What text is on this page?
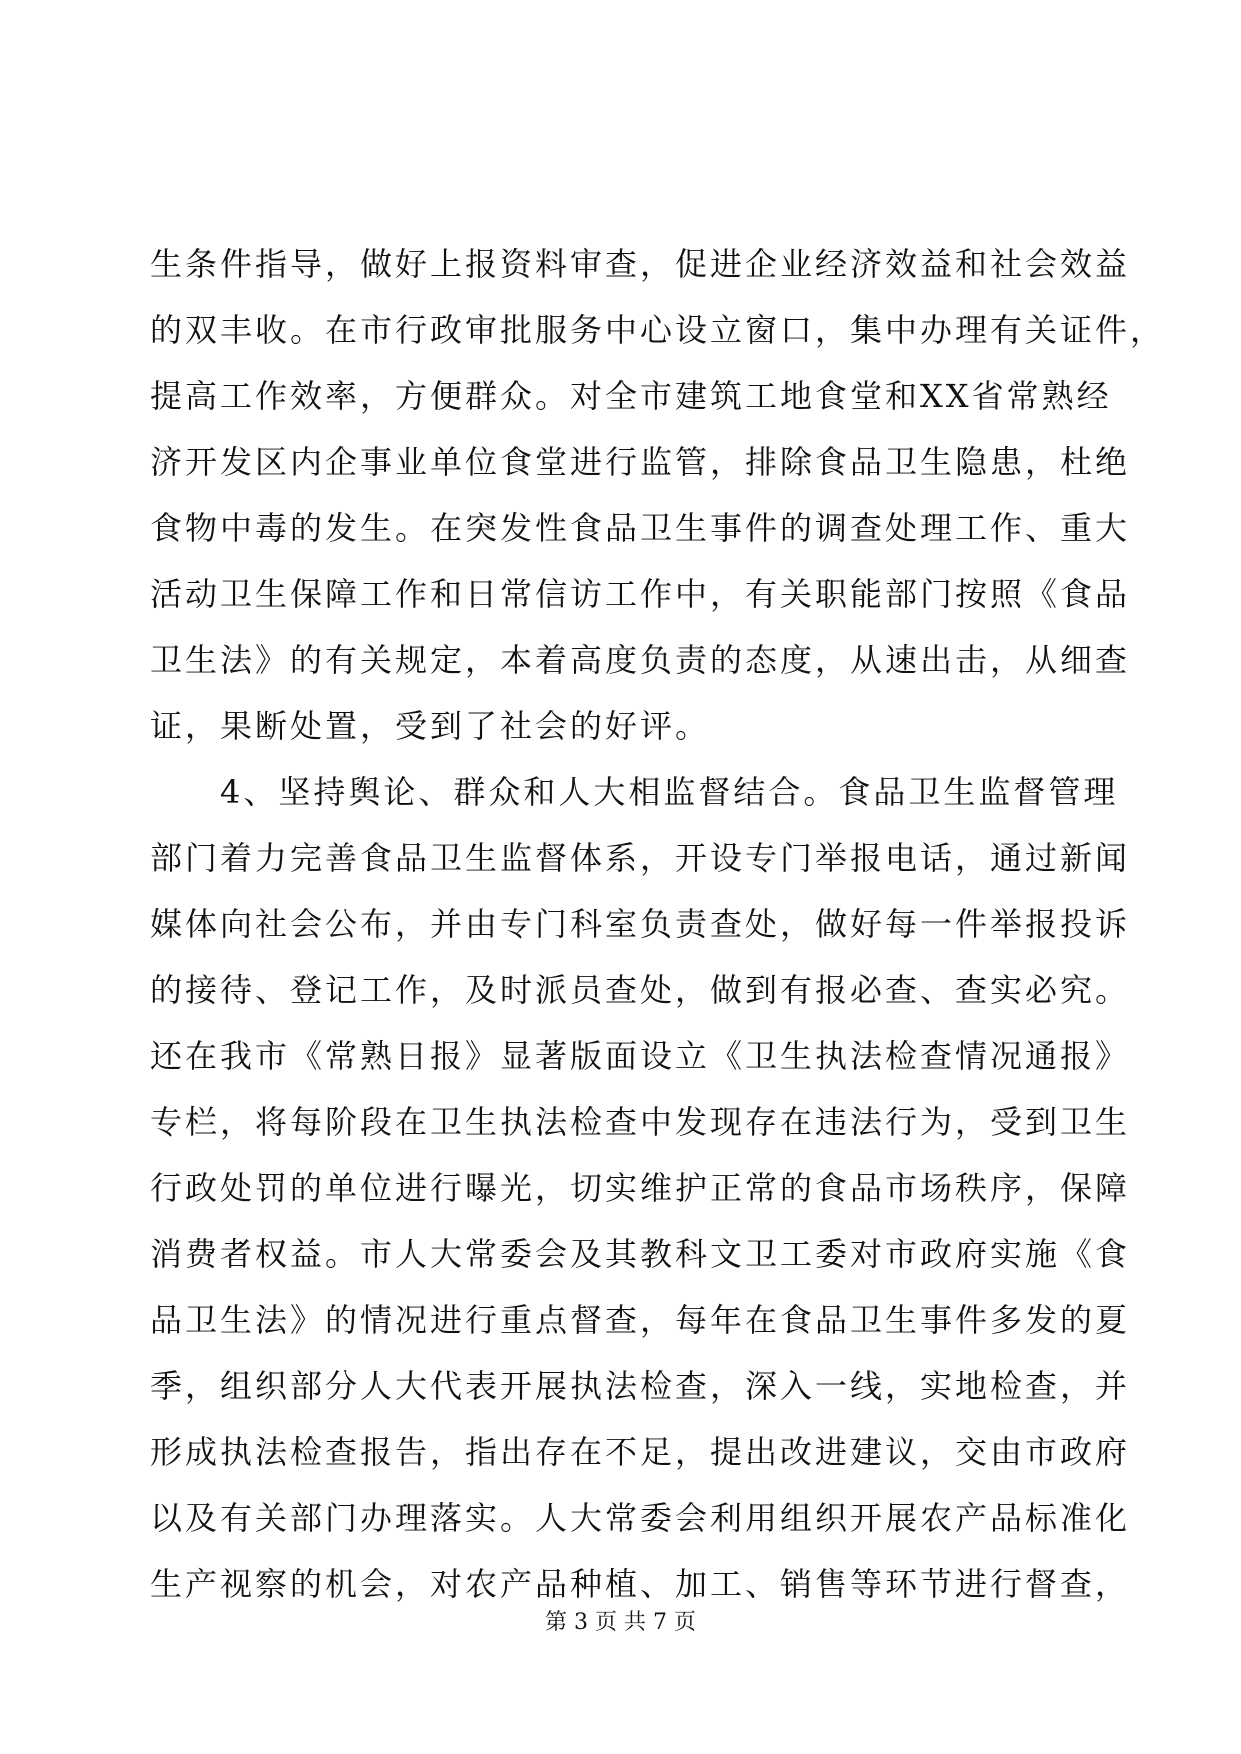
生条件指导，做好上报资料审查，促进企业经济效益和社会效益
的双丰收。在市行政审批服务中心设立窗口，集中办理有关证件，
提高工作效率，方便群众。对全市建筑工地食堂和XX省常熟经
济开发区内企事业单位食堂进行监管，排除食品卫生隐患，杜绝
食物中毒的发生。在突发性食品卫生事件的调查处理工作、重大
活动卫生保障工作和日常信访工作中，有关职能部门按照《食品
卫生法》的有关规定，本着高度负责的态度，从速出击，从细查
证，果断处置，受到了社会的好评。
　　4、坚持舆论、群众和人大相监督结合。食品卫生监督管理
部门着力完善食品卫生监督体系，开设专门举报电话，通过新闻
媒体向社会公布，并由专门科室负责查处，做好每一件举报投诉
的接待、登记工作，及时派员查处，做到有报必查、查实必究。
还在我市《常熟日报》显著版面设立《卫生执法检查情况通报》
专栏，将每阶段在卫生执法检查中发现存在违法行为，受到卫生
行政处罚的单位进行曝光，切实维护正常的食品市场秩序，保障
消费者权益。市人大常委会及其教科文卫工委对市政府实施《食
品卫生法》的情况进行重点督查，每年在食品卫生事件多发的夏
季，组织部分人大代表开展执法检查，深入一线，实地检查，并
形成执法检查报告，指出存在不足，提出改进建议，交由市政府
以及有关部门办理落实。人大常委会利用组织开展农产品标准化
生产视察的机会，对农产品种植、加工、销售等环节进行督查，
第 3 页 共 7 页
